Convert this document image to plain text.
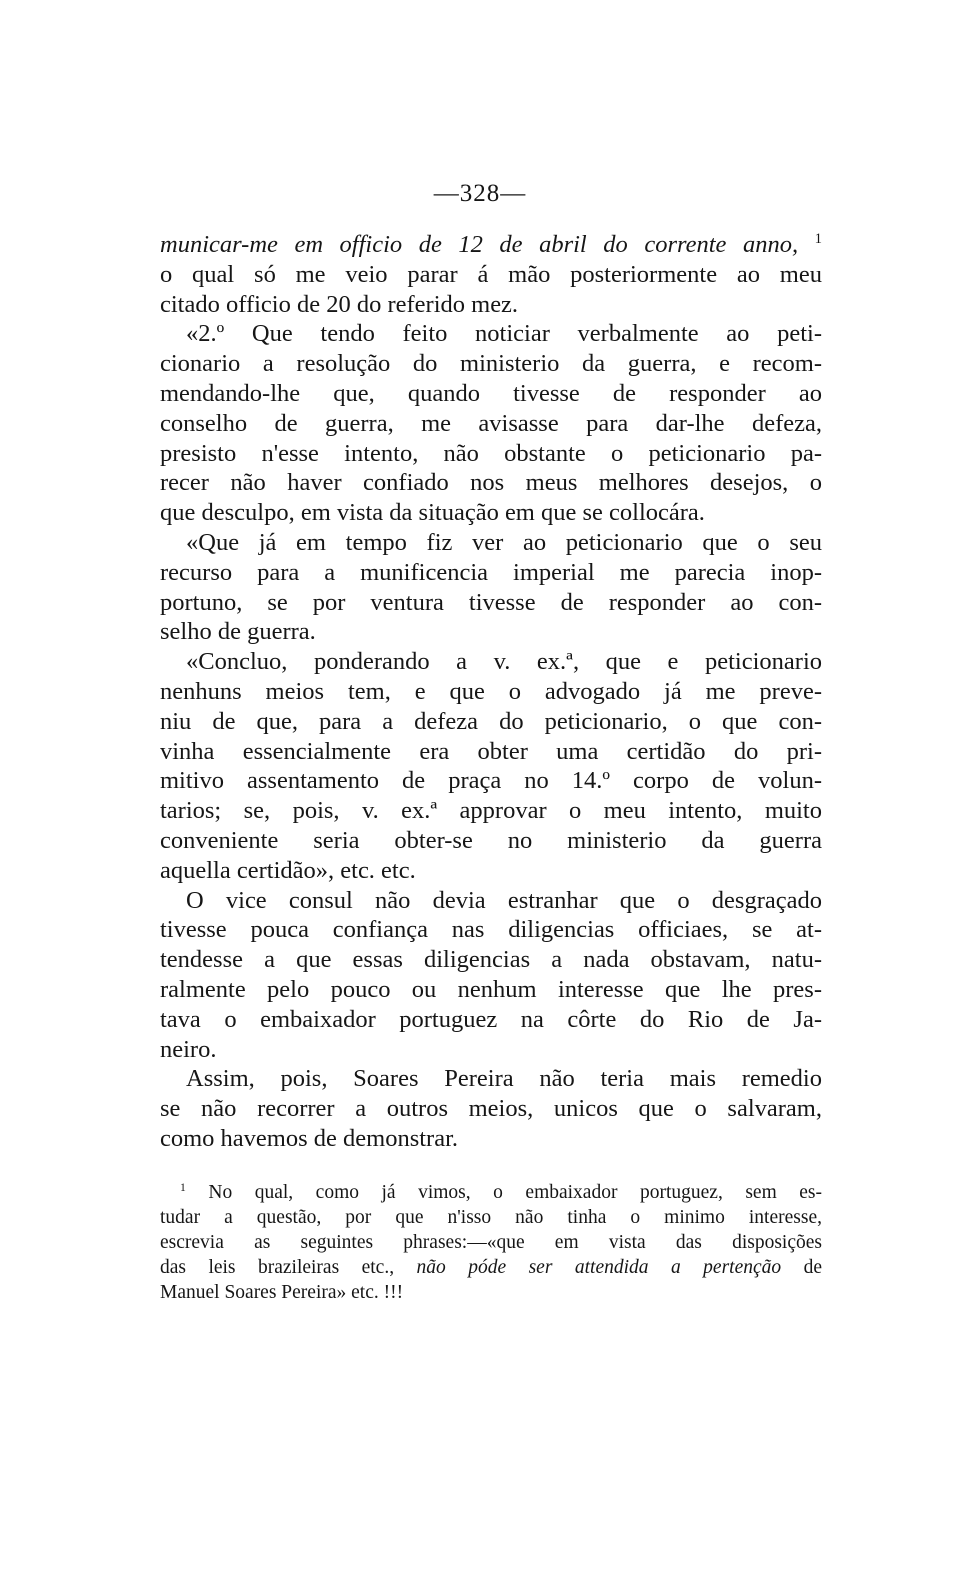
—328—
municar-me em officio de 12 de abril do corrente anno, $^1$
o qual só me veio parar á mão posteriormente ao meu
citado officio de 20 do referido mez.
«2.º Que tendo feito noticiar verbalmente ao peti-
cionario a resolução do ministerio da guerra, e recom-
mendando-lhe que, quando tivesse de responder ao
conselho de guerra, me avisasse para dar-lhe defeza,
presisto n'esse intento, não obstante o peticionario pa-
recer não haver confiado nos meus melhores desejos, o
que desculpo, em vista da situação em que se collocára.
«Que já em tempo fiz ver ao peticionario que o seu
recurso para a munificencia imperial me parecia inop-
portuno, se por ventura tivesse de responder ao con-
selho de guerra.
«Concluo, ponderando a v. ex.ª, que e peticionario
nenhuns meios tem, e que o advogado já me preve-
niu de que, para a defeza do peticionario, o que con-
vinha essencialmente era obter uma certidão do pri-
mitivo assentamento de praça no 14.º corpo de volun-
tarios; se, pois, v. ex.ª approvar o meu intento, muito
conveniente seria obter-se no ministerio da guerra
aquella certidão», etc. etc.
O vice consul não devia estranhar que o desgraçado
tivesse pouca confiança nas diligencias officiaes, se at-
tendesse a que essas diligencias a nada obstavam, natu-
ralmente pelo pouco ou nenhum interesse que lhe pres-
tava o embaixador portuguez na côrte do Rio de Ja-
neiro.
Assim, pois, Soares Pereira não teria mais remedio
se não recorrer a outros meios, unicos que o salvaram,
como havemos de demonstrar.
$^1$ No qual, como já vimos, o embaixador portuguez, sem es-
tudar a questão, por que n'isso não tinha o minimo interesse,
escrevia as seguintes phrases:—«que em vista das disposições
das leis brazileiras etc., não póde ser attendida a pertenção de
Manuel Soares Pereira» etc. !!!
